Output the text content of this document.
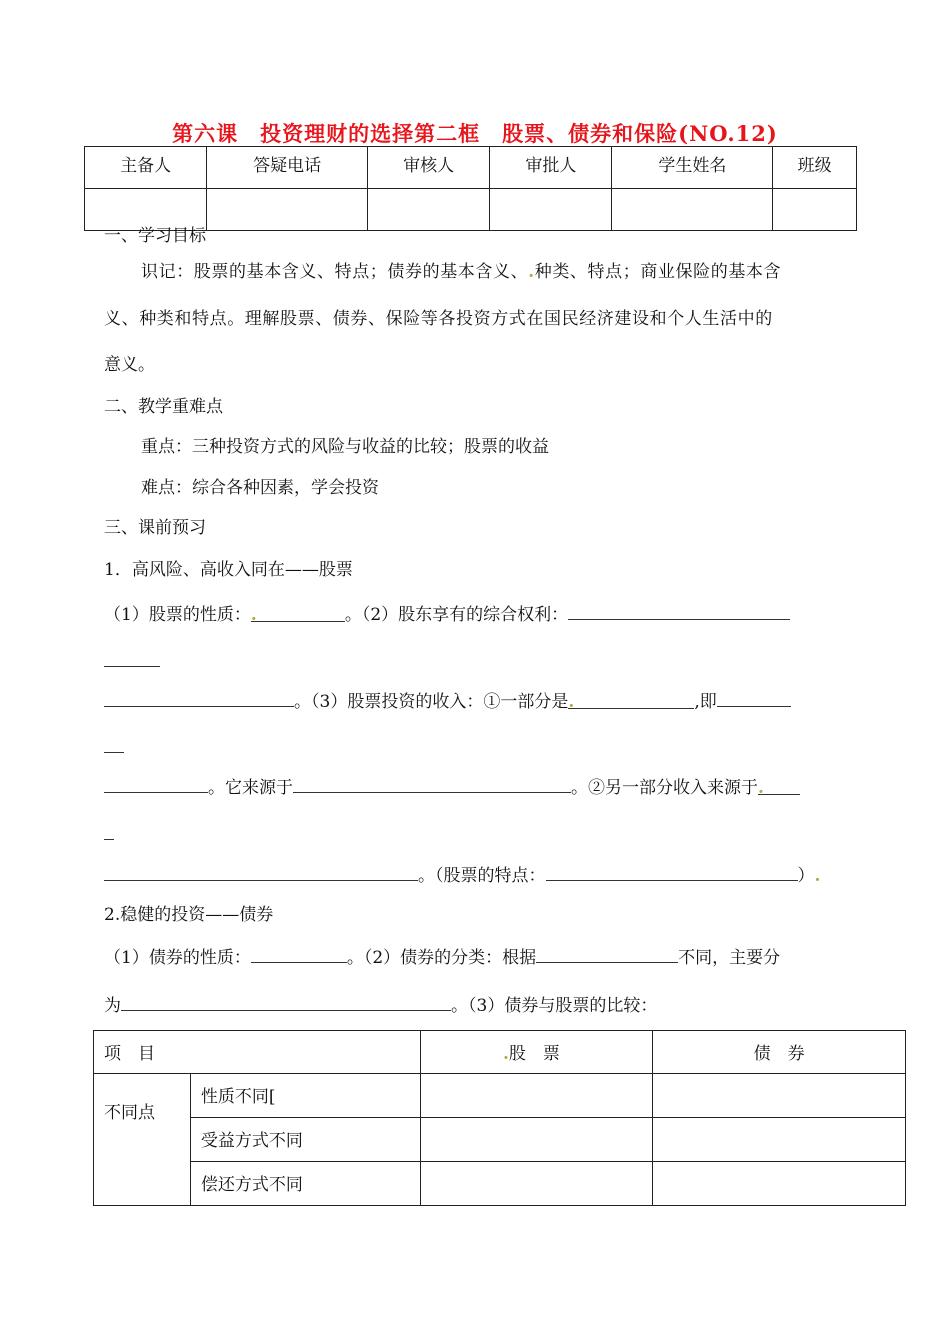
第六课　投资理财的选择第二框　股票、债券和保险(NO.12)
主备人	答疑电话	审核人	审批人	学生姓名	班级

一、学习目标
识记：股票的基本含义、特点；债券的基本含义、.种类、特点；商业保险的基本含
义、种类和特点。理解股票、债券、保险等各投资方式在国民经济建设和个人生活中的
意义。
二、教学重难点
重点：三种投资方式的风险与收益的比较；股票的收益
难点：综合各种因素，学会投资
三、课前预习
1．高风险、高收入同在——股票
（1）股票的性质：.	。（2）股东享有的综合权利：
。（3）股票投资的收入：①一部分是.	,即
。它来源于	。②另一部分收入来源于.
。（股票的特点：	）.
2.稳健的投资——债券
（1）债券的性质：	。（2）债券的分类：根据	不同，主要分
为	。（3）债券与股票的比较：
项　目		.股　票	债　券
不同点	性质不同[		
	受益方式不同		
	偿还方式不同		
